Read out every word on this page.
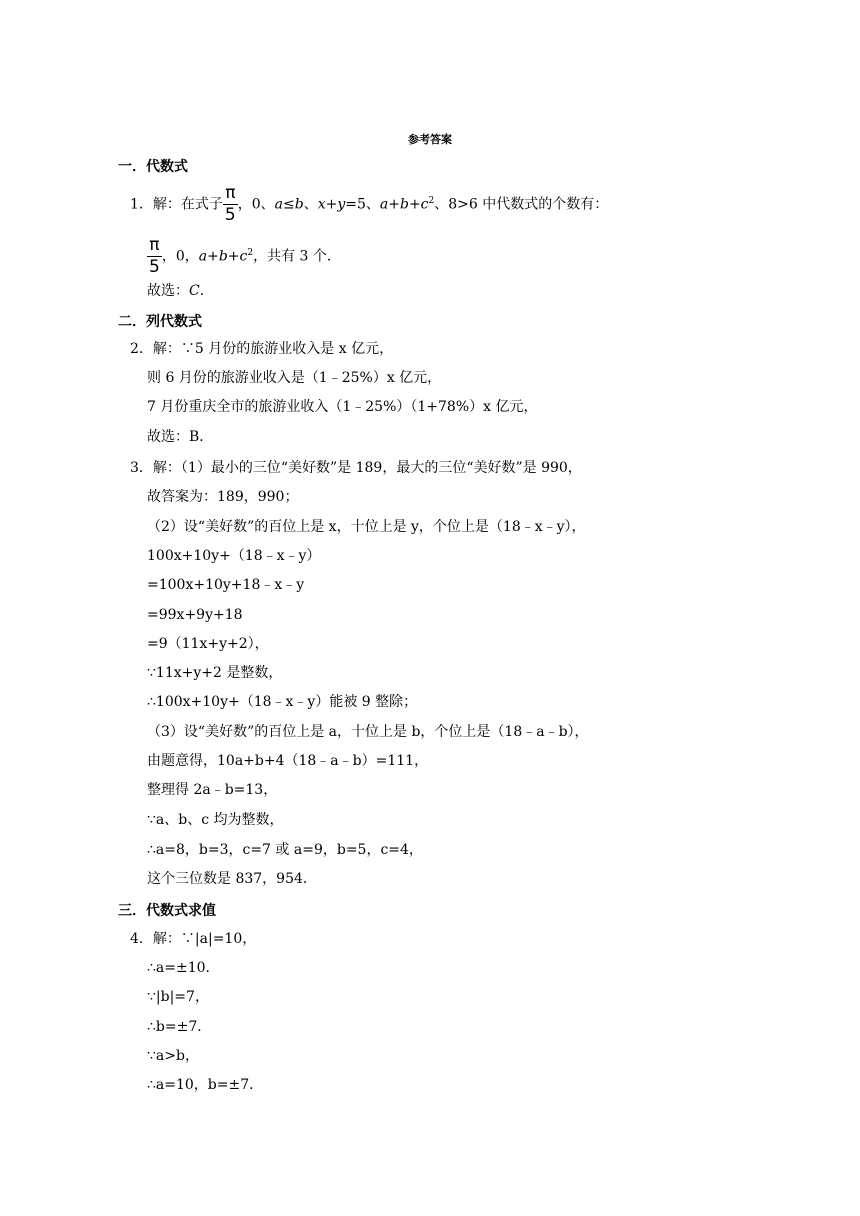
参考答案
一．代数式
1．解：在式子 $\frac{\pi}{5}$ ，0、a≤b、x+y=5、$a+b+c^2$、8>6 中代数式的个数有：
$\frac{\pi}{5}$ ，0，$a+b+c^2$，共有 3 个．
故选：C．
二．列代数式
2．解：∵5 月份的旅游业收入是 x 亿元，
则 6 月份的旅游业收入是（1﹣25%）x 亿元，
7 月份重庆全市的旅游业收入（1﹣25%）（1+78%）x 亿元，
故选：B．
3．解：（1）最小的三位“美好数”是 189，最大的三位“美好数”是 990，
故答案为：189，990；
（2）设“美好数”的百位上是 x，十位上是 y，个位上是（18﹣x﹣y），
100x+10y+（18﹣x﹣y）
=100x+10y+18﹣x﹣y
=99x+9y+18
=9（11x+y+2），
∵11x+y+2 是整数，
∴100x+10y+（18﹣x﹣y）能被 9 整除；
（3）设“美好数”的百位上是 a，十位上是 b，个位上是（18﹣a﹣b），
由题意得，10a+b+4（18﹣a﹣b）=111，
整理得 2a﹣b=13，
∵a、b、c 均为整数，
∴a=8，b=3，c=7 或 a=9，b=5，c=4，
这个三位数是 837，954．
三．代数式求值
4．解：∵|a|=10，
∴a=±10．
∵|b|=7，
∴b=±7．
∵a>b，
∴a=10，b=±7．
